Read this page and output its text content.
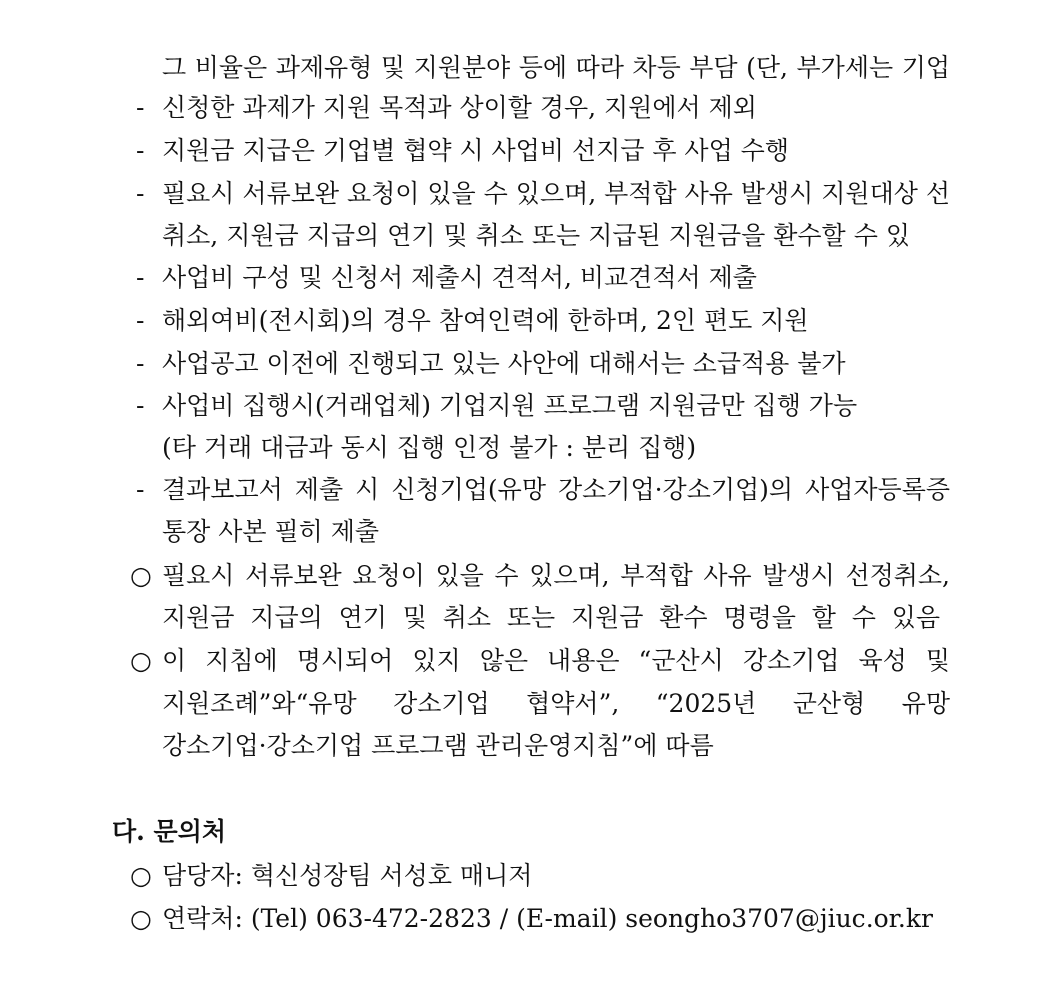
그 비율은 과제유형 및 지원분야 등에 따라 차등 부담 (단, 부가세는 기업
- 신청한 과제가 지원 목적과 상이할 경우, 지원에서 제외
- 지원금 지급은 기업별 협약 시 사업비 선지급 후 사업 수행
- 필요시 서류보완 요청이 있을 수 있으며, 부적합 사유 발생시 지원대상 선
취소, 지원금 지급의 연기 및 취소 또는 지급된 지원금을 환수할 수 있
- 사업비 구성 및 신청서 제출시 견적서, 비교견적서 제출
- 해외여비(전시회)의 경우 참여인력에 한하며, 2인 편도 지원
- 사업공고 이전에 진행되고 있는 사안에 대해서는 소급적용 불가
- 사업비 집행시(거래업체) 기업지원 프로그램 지원금만 집행 가능
(타 거래 대금과 동시 집행 인정 불가 : 분리 집행)
- 결과보고서 제출 시 신청기업(유망 강소기업·강소기업)의 사업자등록증
통장 사본 필히 제출
○ 필요시 서류보완 요청이 있을 수 있으며, 부적합 사유 발생시 선정취소,
지원금 지급의 연기 및 취소 또는 지원금 환수 명령을 할 수 있음
○ 이 지침에 명시되어 있지 않은 내용은 “군산시 강소기업 육성 및
지원조례”와“유망 강소기업 협약서”, “2025년 군산형 유망
강소기업·강소기업 프로그램 관리운영지침”에 따름
다. 문의처
○ 담당자: 혁신성장팀 서성호 매니저
○ 연락처: (Tel) 063-472-2823 / (E-mail) seongho3707@jiuc.or.kr
